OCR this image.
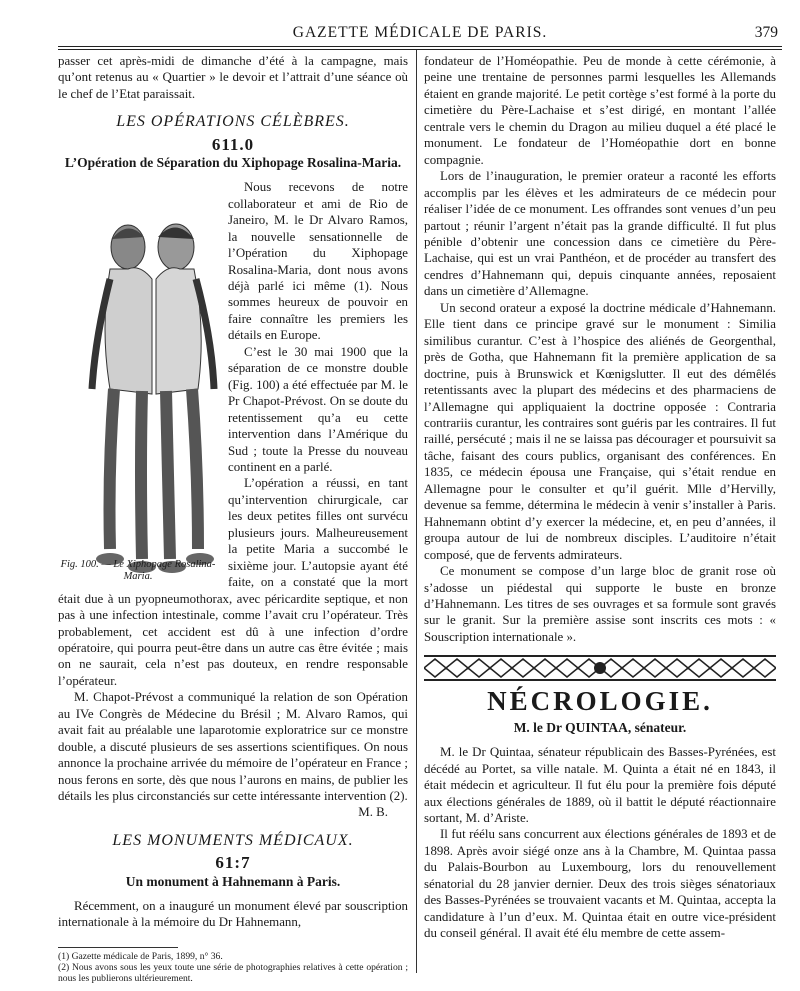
GAZETTE MÉDICALE DE PARIS.	379

passer cet après-midi de dimanche d’été à la campagne, mais qu’ont retenus au « Quartier » le devoir et l’attrait d’une séance où le chef de l’Etat paraissait.

LES OPÉRATIONS CÉLÈBRES.
611.0
L’Opération de Séparation du Xiphopage Rosalina-Maria.
Fig. 100. — Le Xiphopage Rosalina-Maria.

Nous recevons de notre collaborateur et ami de Rio de Janeiro, M. le Dr Alvaro Ramos, la nouvelle sensationnelle de l’Opération du Xiphopage Rosalina-Maria, dont nous avons déjà parlé ici même (1). Nous sommes heureux de pouvoir en faire connaître les premiers les détails en Europe.

C’est le 30 mai 1900 que la séparation de ce monstre double (Fig. 100) a été effectuée par M. le Pr Chapot-Prévost. On se doute du retentissement qu’a eu cette intervention dans l’Amérique du Sud ; toute la Presse du nouveau continent en a parlé.

L’opération a réussi, en tant qu’intervention chirurgicale, car les deux petites filles ont survécu plusieurs jours. Malheureusement la petite Maria a succombé le sixième jour. L’autopsie ayant été faite, on a constaté que la mort était due à un pyopneumothorax, avec péricardite septique, et non pas à une infection intestinale, comme l’avait cru l’opérateur. Très probablement, cet accident est dû à une infection d’ordre opératoire, qui pourra peut-être dans un autre cas être évitée ; mais on ne saurait, cela n’est pas douteux, en rendre responsable l’opérateur.

M. Chapot-Prévost a communiqué la relation de son Opération au IVe Congrès de Médecine du Brésil ; M. Alvaro Ramos, qui avait fait au préalable une laparotomie exploratrice sur ce monstre double, a discuté plusieurs de ses assertions scientifiques. On nous annonce la prochaine arrivée du mémoire de l’opérateur en France ; nous ferons en sorte, dès que nous l’aurons en mains, de publier les détails les plus circonstanciés sur cette intéressante intervention (2).

M. B.

LES MONUMENTS MÉDICAUX.
61:7
Un monument à Hahnemann à Paris.

Récemment, on a inauguré un monument élevé par souscription internationale à la mémoire du Dr Hahnemann,

(1) Gazette médicale de Paris, 1899, n° 36.

(2) Nous avons sous les yeux toute une série de photographies relatives à cette opération ; nous les publierons ultérieurement.

fondateur de l’Homéopathie. Peu de monde à cette cérémonie, à peine une trentaine de personnes parmi lesquelles les Allemands étaient en grande majorité. Le petit cortège s’est formé à la porte du cimetière du Père-Lachaise et s’est dirigé, en montant l’allée centrale vers le chemin du Dragon au milieu duquel a été placé le monument. Le fondateur de l’Homéopathie dort en bonne compagnie.

Lors de l’inauguration, le premier orateur a raconté les efforts accomplis par les élèves et les admirateurs de ce médecin pour réaliser l’idée de ce monument. Les offrandes sont venues d’un peu partout ; réunir l’argent n’était pas la grande difficulté. Il fut plus pénible d’obtenir une concession dans ce cimetière du Père-Lachaise, qui est un vrai Panthéon, et de procéder au transfert des cendres d’Hahnemann qui, depuis cinquante années, reposaient dans un cimetière d’Allemagne.

Un second orateur a exposé la doctrine médicale d’Hahnemann. Elle tient dans ce principe gravé sur le monument : Similia similibus curantur. C’est à l’hospice des aliénés de Georgenthal, près de Gotha, que Hahnemann fit la première application de sa doctrine, puis à Brunswick et Kœnigslutter. Il eut des démêlés retentissants avec la plupart des médecins et des pharmaciens de l’Allemagne qui appliquaient la doctrine opposée : Contraria contrariis curantur, les contraires sont guéris par les contraires. Il fut raillé, persécuté ; mais il ne se laissa pas décourager et poursuivit sa tâche, faisant des cours publics, organisant des conférences. En 1835, ce médecin épousa une Française, qui s’était rendue en Allemagne pour le consulter et qu’il guérit. Mlle d’Hervilly, devenue sa femme, détermina le médecin à venir s’installer à Paris. Hahnemann obtint d’y exercer la médecine, et, en peu d’années, il groupa autour de lui de nombreux disciples. L’auditoire n’était composé, que de fervents admirateurs.

Ce monument se compose d’un large bloc de granit rose où s’adosse un piédestal qui supporte le buste en bronze d’Hahnemann. Les titres de ses ouvrages et sa formule sont gravés sur le granit. Sur la première assise sont inscrits ces mots : « Souscription internationale ».

NÉCROLOGIE.
M. le Dr QUINTAA, sénateur.

M. le Dr Quintaa, sénateur républicain des Basses-Pyrénées, est décédé au Portet, sa ville natale. M. Quinta a était né en 1843, il était médecin et agriculteur. Il fut élu pour la première fois député aux élections générales de 1889, où il battit le député réactionnaire sortant, M. d’Ariste.

Il fut réélu sans concurrent aux élections générales de 1893 et de 1898. Après avoir siégé onze ans à la Chambre, M. Quintaa passa du Palais-Bourbon au Luxembourg, lors du renouvellement sénatorial du 28 janvier dernier. Deux des trois sièges sénatoriaux des Basses-Pyrénées se trouvaient vacants et M. Quintaa, accepta la candidature à l’un d’eux. M. Quintaa était en outre vice-président du conseil général. Il avait été élu membre de cette assem-
